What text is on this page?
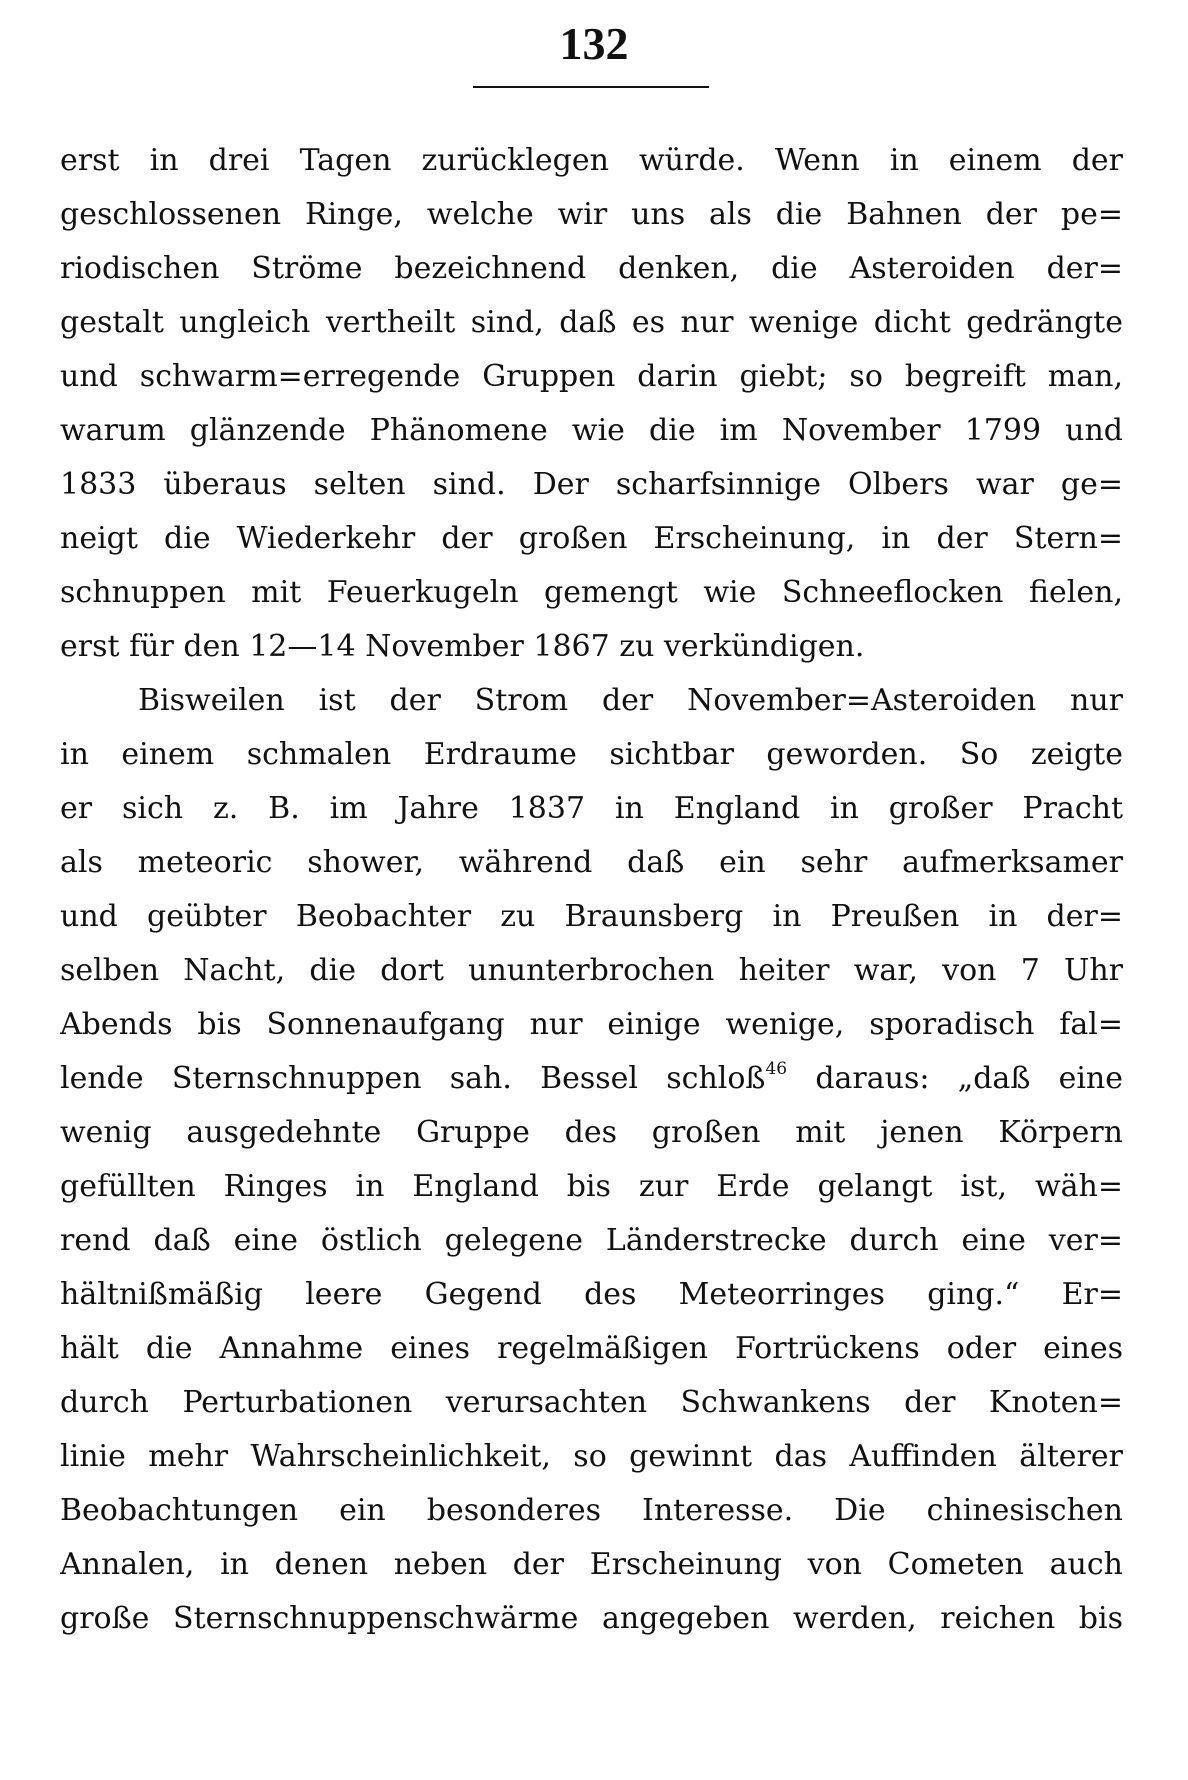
132
erst in drei Tagen zurücklegen würde. Wenn in einem der
geschlossenen Ringe, welche wir uns als die Bahnen der pe=
riodischen Ströme bezeichnend denken, die Asteroiden der=
gestalt ungleich vertheilt sind, daß es nur wenige dicht gedrängte
und schwarm=erregende Gruppen darin giebt; so begreift man,
warum glänzende Phänomene wie die im November 1799 und
1833 überaus selten sind. Der scharfsinnige Olbers war ge=
neigt die Wiederkehr der großen Erscheinung, in der Stern=
schnuppen mit Feuerkugeln gemengt wie Schneeflocken fielen,
erst für den 12—14 November 1867 zu verkündigen.
Bisweilen ist der Strom der November=Asteroiden nur
in einem schmalen Erdraume sichtbar geworden. So zeigte
er sich z. B. im Jahre 1837 in England in großer Pracht
als meteoric shower, während daß ein sehr aufmerksamer
und geübter Beobachter zu Braunsberg in Preußen in der=
selben Nacht, die dort ununterbrochen heiter war, von 7 Uhr
Abends bis Sonnenaufgang nur einige wenige, sporadisch fal=
lende Sternschnuppen sah. Bessel schloß$^{46}$ daraus: „daß eine
wenig ausgedehnte Gruppe des großen mit jenen Körpern
gefüllten Ringes in England bis zur Erde gelangt ist, wäh=
rend daß eine östlich gelegene Länderstrecke durch eine ver=
hältnißmäßig leere Gegend des Meteorringes ging.“ Er=
hält die Annahme eines regelmäßigen Fortrückens oder eines
durch Perturbationen verursachten Schwankens der Knoten=
linie mehr Wahrscheinlichkeit, so gewinnt das Auffinden älterer
Beobachtungen ein besonderes Interesse. Die chinesischen
Annalen, in denen neben der Erscheinung von Cometen auch
große Sternschnuppenschwärme angegeben werden, reichen bis
